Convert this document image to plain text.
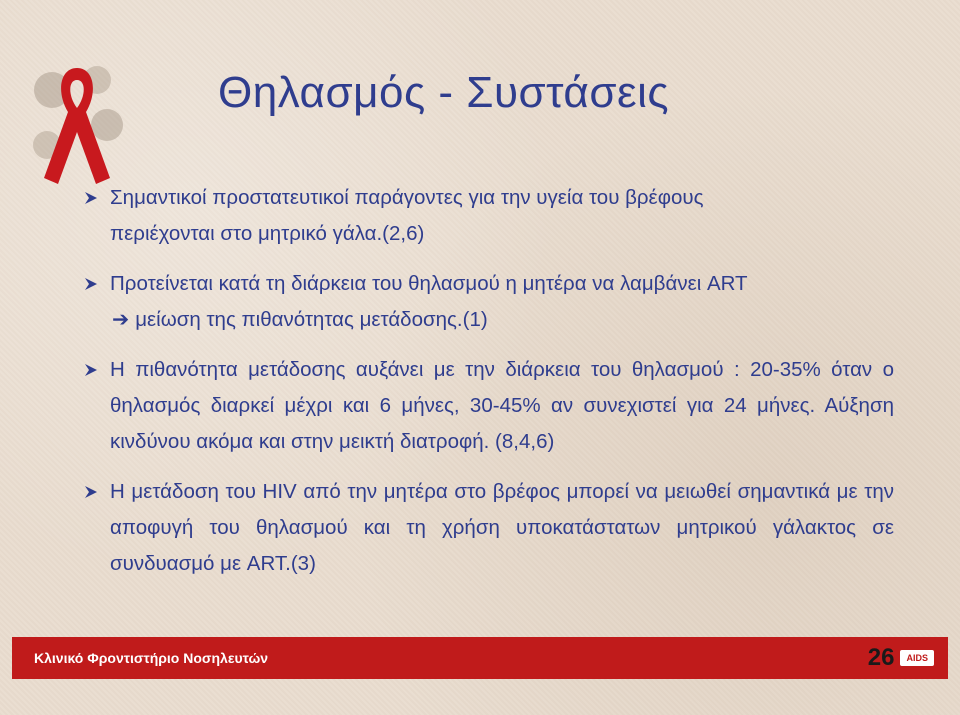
Θηλασμός - Συστάσεις
Σημαντικοί προστατευτικοί παράγοντες για την υγεία του βρέφους
περιέχονται στο μητρικό γάλα.(2,6)
Προτείνεται κατά τη διάρκεια του θηλασμού η μητέρα να λαμβάνει ART
➔ μείωση της πιθανότητας μετάδοσης.(1)
Η πιθανότητα μετάδοσης αυξάνει με την διάρκεια του θηλασμού : 20-35% όταν ο θηλασμός διαρκεί μέχρι και 6 μήνες, 30-45% αν συνεχιστεί για 24 μήνες. Αύξηση κινδύνου ακόμα και στην μεικτή διατροφή. (8,4,6)
Η μετάδοση του HIV από την μητέρα στο βρέφος μπορεί να μειωθεί σημαντικά με την αποφυγή του θηλασμού και τη χρήση υποκατάστατων μητρικού γάλακτος σε συνδυασμό με ART.(3)
Κλινικό Φροντιστήριο Νοσηλευτών	26	AIDS
